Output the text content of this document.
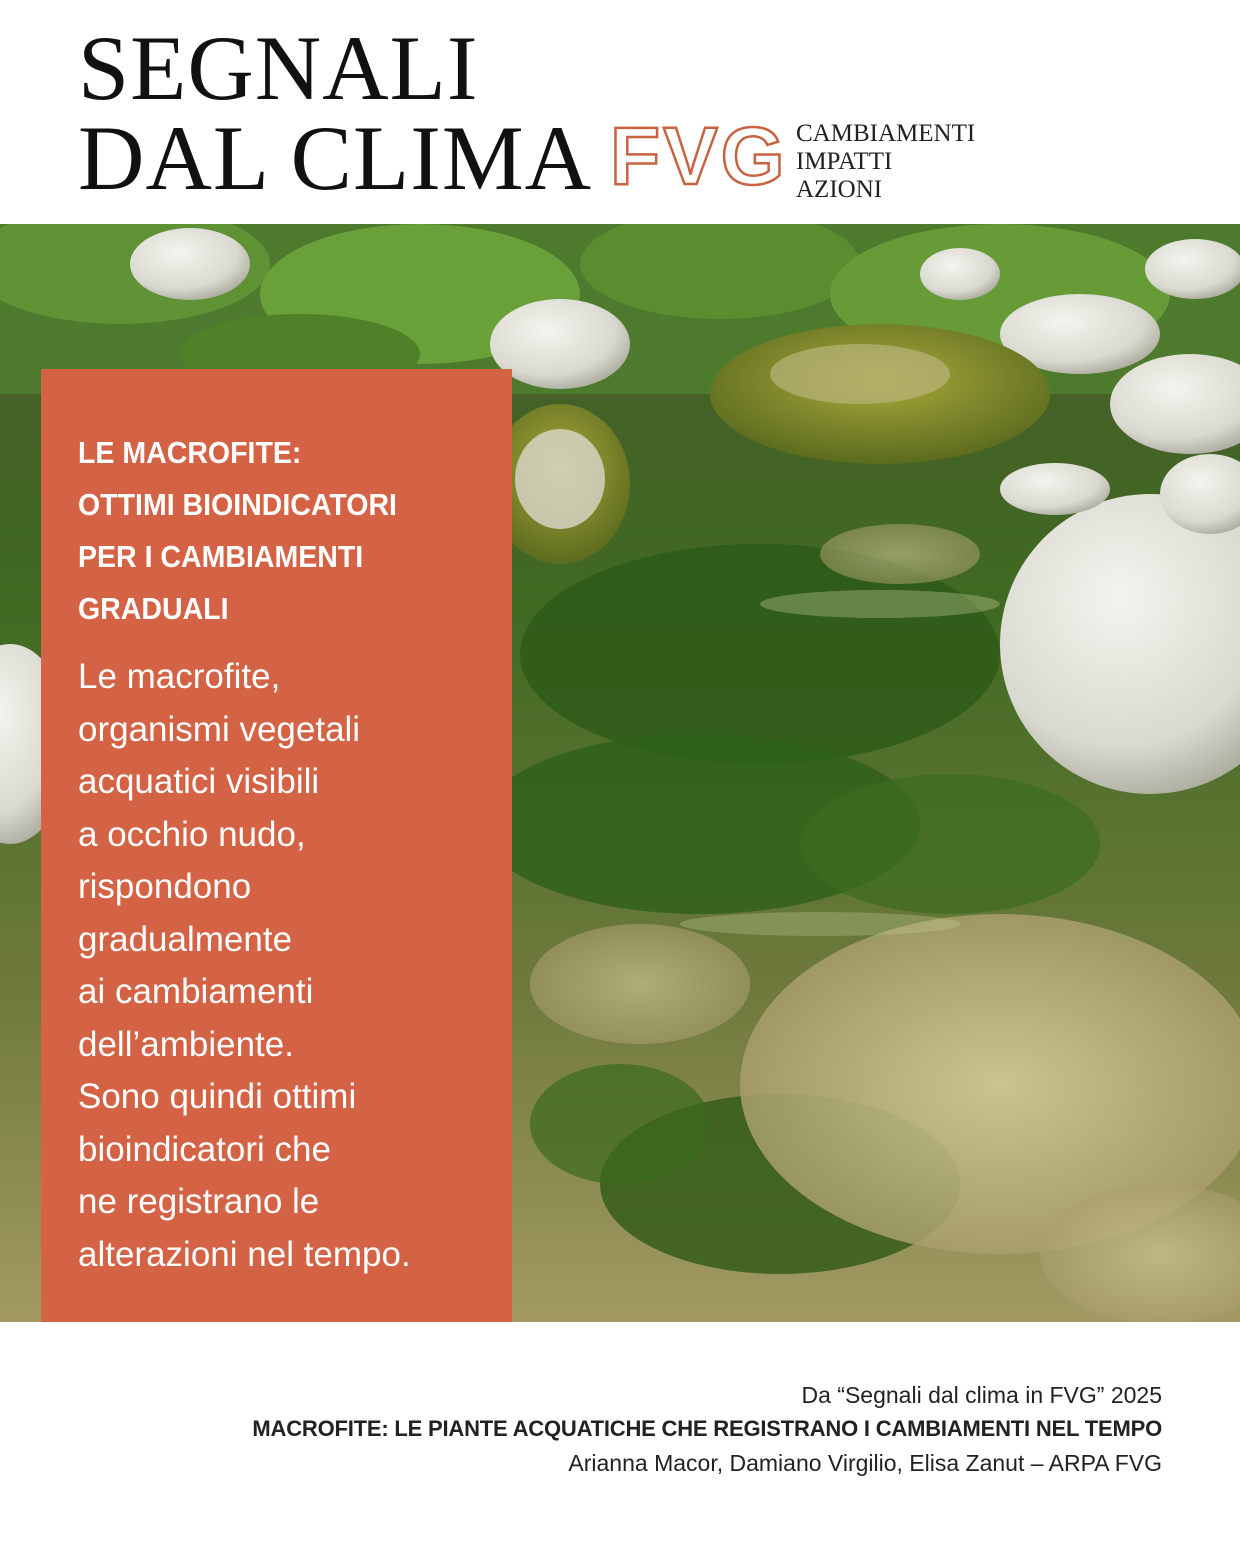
SEGNALI
DAL CLIMA FVG CAMBIAMENTI
IMPATTI
AZIONI
LE MACROFITE:
OTTIMI BIOINDICATORI
PER I CAMBIAMENTI
GRADUALI
Le macrofite,
organismi vegetali
acquatici visibili
a occhio nudo,
rispondono
gradualmente
ai cambiamenti
dell’ambiente.
Sono quindi ottimi
bioindicatori che
ne registrano le
alterazioni nel tempo.
Da “Segnali dal clima in FVG” 2025
MACROFITE: LE PIANTE ACQUATICHE CHE REGISTRANO I CAMBIAMENTI NEL TEMPO
Arianna Macor, Damiano Virgilio, Elisa Zanut – ARPA FVG
